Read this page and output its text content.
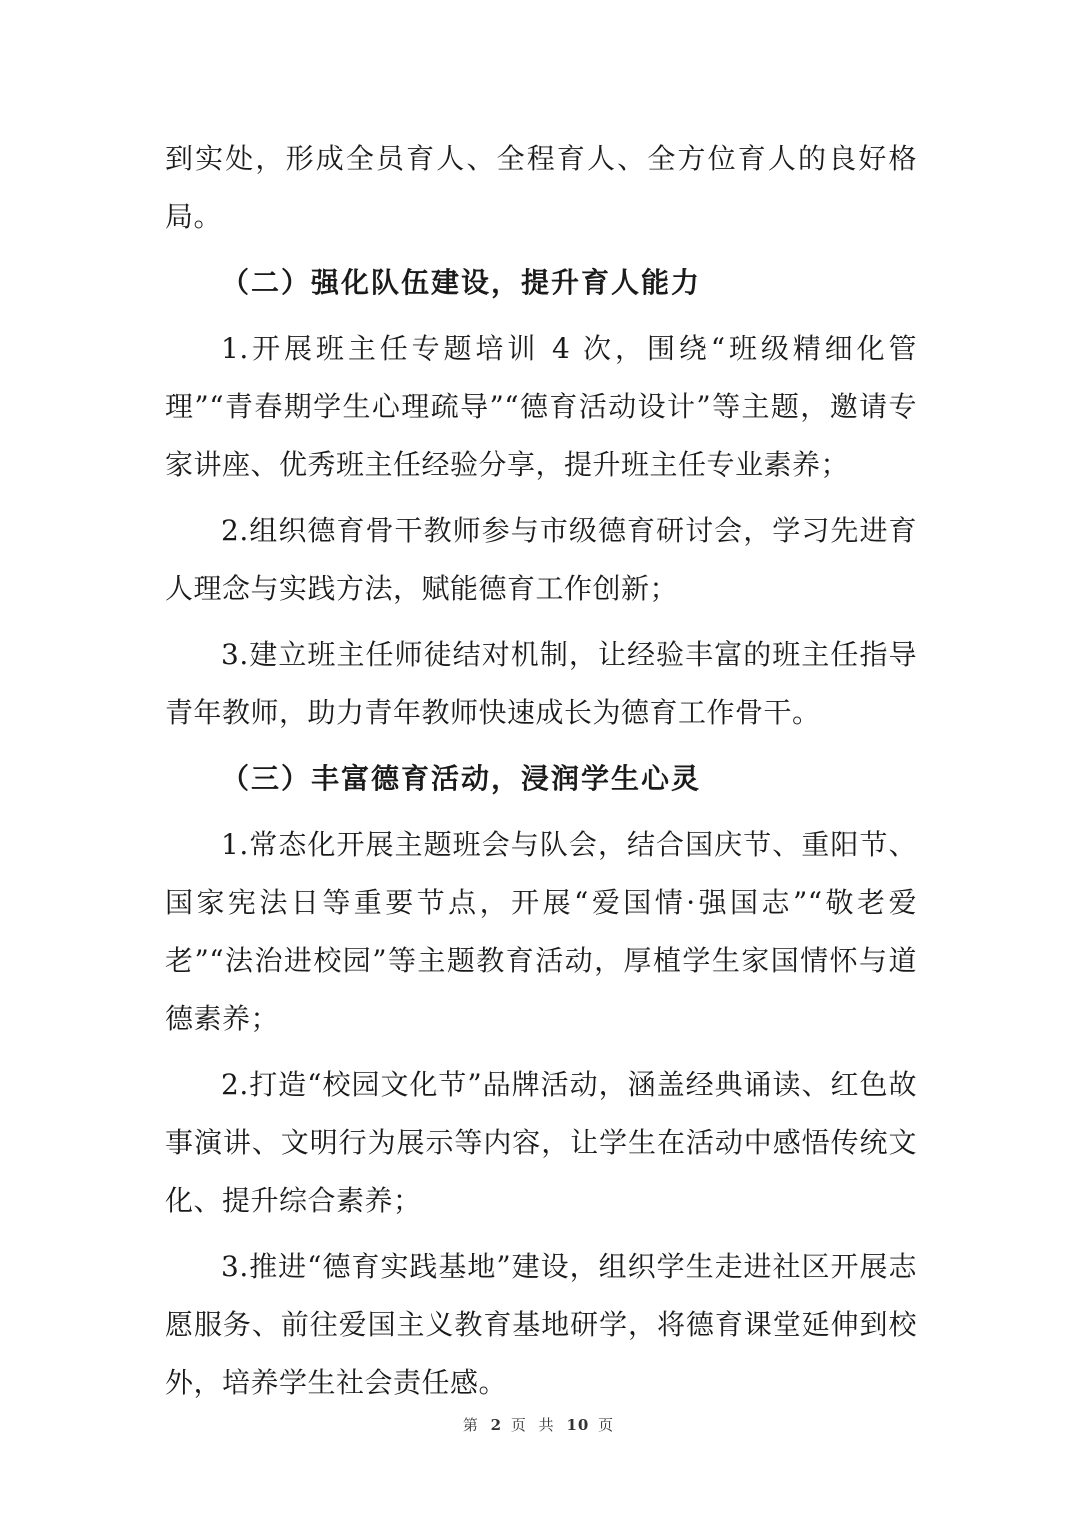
到实处，形成全员育人、全程育人、全方位育人的良好格局。

（二）强化队伍建设，提升育人能力

1.开展班主任专题培训 4 次，围绕“班级精细化管理”“青春期学生心理疏导”“德育活动设计”等主题，邀请专家讲座、优秀班主任经验分享，提升班主任专业素养；

2.组织德育骨干教师参与市级德育研讨会，学习先进育人理念与实践方法，赋能德育工作创新；

3.建立班主任师徒结对机制，让经验丰富的班主任指导青年教师，助力青年教师快速成长为德育工作骨干。

（三）丰富德育活动，浸润学生心灵

1.常态化开展主题班会与队会，结合国庆节、重阳节、国家宪法日等重要节点，开展“爱国情·强国志”“敬老爱老”“法治进校园”等主题教育活动，厚植学生家国情怀与道德素养；

2.打造“校园文化节”品牌活动，涵盖经典诵读、红色故事演讲、文明行为展示等内容，让学生在活动中感悟传统文化、提升综合素养；

3.推进“德育实践基地”建设，组织学生走进社区开展志愿服务、前往爱国主义教育基地研学，将德育课堂延伸到校外，培养学生社会责任感。

第 2 页 共 10 页
